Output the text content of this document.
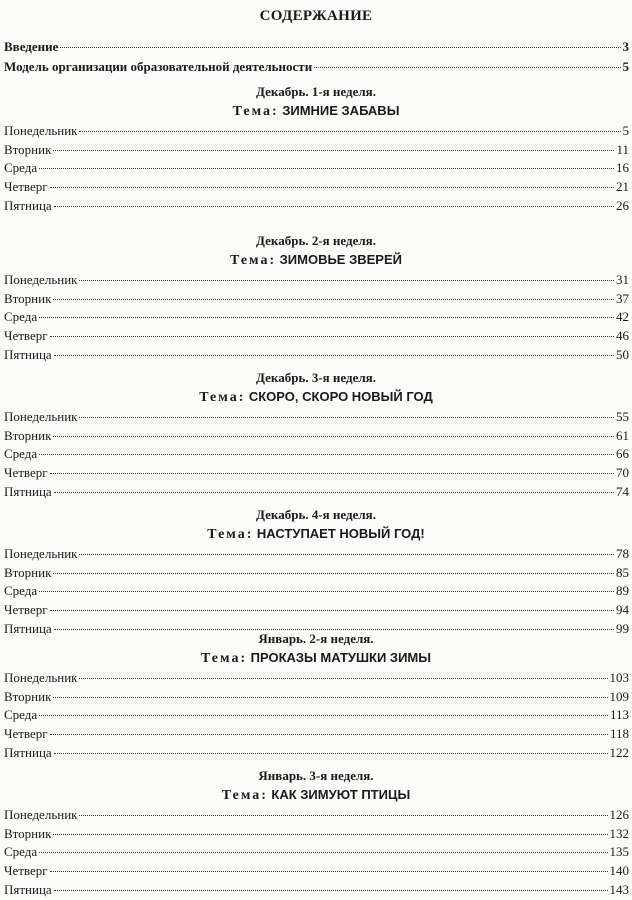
СОДЕРЖАНИЕ
Введение	3
Модель организации образовательной деятельности	5
Декабрь. 1-я неделя.
Тема: ЗИМНИЕ ЗАБАВЫ
Понедельник	5
Вторник	11
Среда	16
Четверг	21
Пятница	26
Декабрь. 2-я неделя.
Тема: ЗИМОВЬЕ ЗВЕРЕЙ
Понедельник	31
Вторник	37
Среда	42
Четверг	46
Пятница	50
Декабрь. 3-я неделя.
Тема: СКОРО, СКОРО НОВЫЙ ГОД
Понедельник	55
Вторник	61
Среда	66
Четверг	70
Пятница	74
Декабрь. 4-я неделя.
Тема: НАСТУПАЕТ НОВЫЙ ГОД!
Понедельник	78
Вторник	85
Среда	89
Четверг	94
Пятница	99
Январь. 2-я неделя.
Тема: ПРОКАЗЫ МАТУШКИ ЗИМЫ
Понедельник	103
Вторник	109
Среда	113
Четверг	118
Пятница	122
Январь. 3-я неделя.
Тема: КАК ЗИМУЮТ ПТИЦЫ
Понедельник	126
Вторник	132
Среда	135
Четверг	140
Пятница	143
